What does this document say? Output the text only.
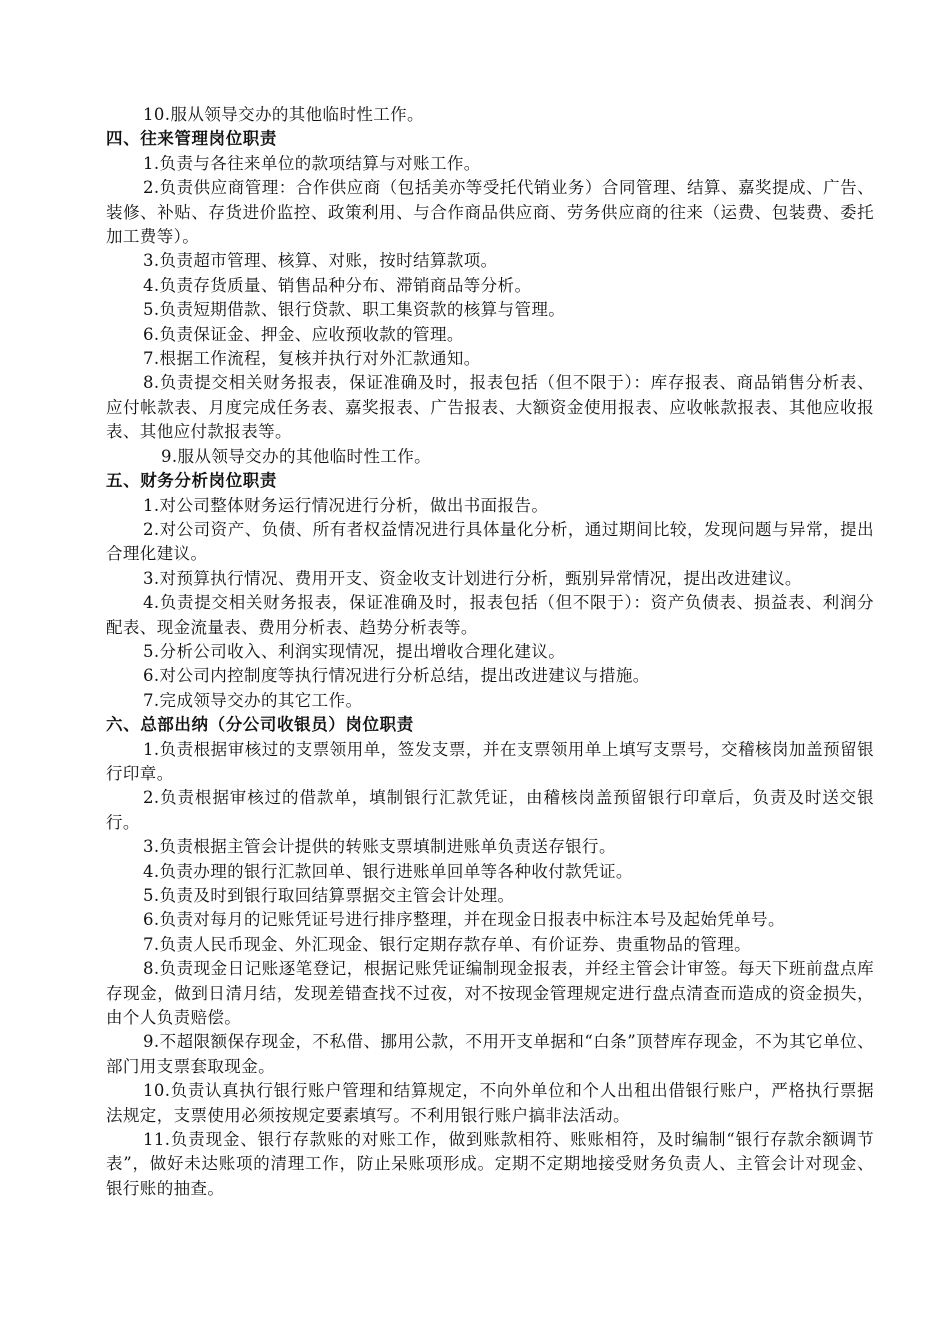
10.服从领导交办的其他临时性工作。

四、往来管理岗位职责

1.负责与各往来单位的款项结算与对账工作。

2.负责供应商管理：合作供应商（包括美亦等受托代销业务）合同管理、结算、嘉奖提成、广告、装修、补贴、存货进价监控、政策利用、与合作商品供应商、劳务供应商的往来（运费、包装费、委托加工费等）。

3.负责超市管理、核算、对账，按时结算款项。

4.负责存货质量、销售品种分布、滞销商品等分析。

5.负责短期借款、银行贷款、职工集资款的核算与管理。

6.负责保证金、押金、应收预收款的管理。

7.根据工作流程，复核并执行对外汇款通知。

8.负责提交相关财务报表，保证准确及时，报表包括（但不限于）：库存报表、商品销售分析表、应付帐款表、月度完成任务表、嘉奖报表、广告报表、大额资金使用报表、应收帐款报表、其他应收报表、其他应付款报表等。

9.服从领导交办的其他临时性工作。

五、财务分析岗位职责

1.对公司整体财务运行情况进行分析，做出书面报告。

2.对公司资产、负债、所有者权益情况进行具体量化分析，通过期间比较，发现问题与异常，提出合理化建议。

3.对预算执行情况、费用开支、资金收支计划进行分析，甄别异常情况，提出改进建议。

4.负责提交相关财务报表，保证准确及时，报表包括（但不限于）：资产负债表、损益表、利润分配表、现金流量表、费用分析表、趋势分析表等。

5.分析公司收入、利润实现情况，提出增收合理化建议。

6.对公司内控制度等执行情况进行分析总结，提出改进建议与措施。

7.完成领导交办的其它工作。

六、总部出纳（分公司收银员）岗位职责

1.负责根据审核过的支票领用单，签发支票，并在支票领用单上填写支票号，交稽核岗加盖预留银行印章。

2.负责根据审核过的借款单，填制银行汇款凭证，由稽核岗盖预留银行印章后，负责及时送交银行。

3.负责根据主管会计提供的转账支票填制进账单负责送存银行。

4.负责办理的银行汇款回单、银行进账单回单等各种收付款凭证。

5.负责及时到银行取回结算票据交主管会计处理。

6.负责对每月的记账凭证号进行排序整理，并在现金日报表中标注本号及起始凭单号。

7.负责人民币现金、外汇现金、银行定期存款存单、有价证券、贵重物品的管理。

8.负责现金日记账逐笔登记，根据记账凭证编制现金报表，并经主管会计审签。每天下班前盘点库存现金，做到日清月结，发现差错查找不过夜，对不按现金管理规定进行盘点清查而造成的资金损失，由个人负责赔偿。

9.不超限额保存现金，不私借、挪用公款，不用开支单据和“白条”顶替库存现金，不为其它单位、部门用支票套取现金。

10.负责认真执行银行账户管理和结算规定，不向外单位和个人出租出借银行账户，严格执行票据法规定，支票使用必须按规定要素填写。不利用银行账户搞非法活动。

11.负责现金、银行存款账的对账工作，做到账款相符、账账相符，及时编制“银行存款余额调节表”，做好未达账项的清理工作，防止呆账项形成。定期不定期地接受财务负责人、主管会计对现金、银行账的抽查。
